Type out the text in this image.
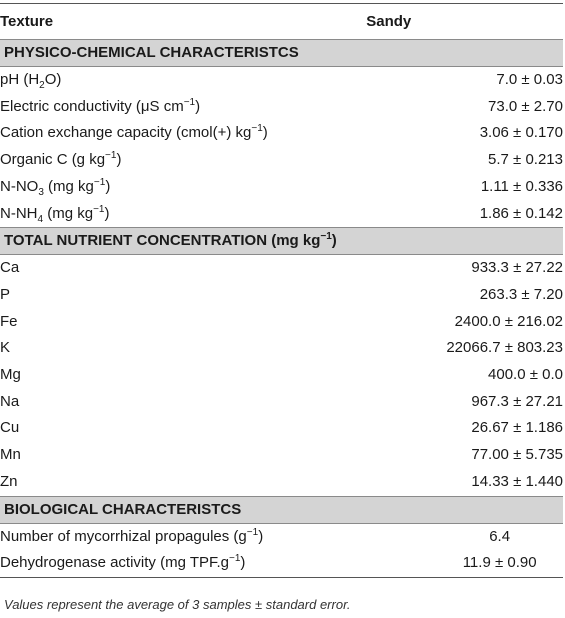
Texture	Sandy
PHYSICO-CHEMICAL CHARACTERISTCS	
pH $(H_2O)$	7.0 ± 0.03
Electric conductivity (μS $cm^{-1}$)	73.0 ± 2.70
Cation exchange capacity (cmol(+) $kg^{-1}$)	3.06 ± 0.170
Organic C (g $kg^{-1}$)	5.7 ± 0.213
$N-NO_3$ (mg $kg^{-1}$)	1.11 ± 0.336
$N-NH_4$ (mg $kg^{-1}$)	1.86 ± 0.142
TOTAL NUTRIENT CONCENTRATION (mg $kg^{-1}$)	
Ca	933.3 ± 27.22
P	263.3 ± 7.20
Fe	2400.0 ± 216.02
K	22066.7 ± 803.23
Mg	400.0 ± 0.0
Na	967.3 ± 27.21
Cu	26.67 ± 1.186
Mn	77.00 ± 5.735
Zn	14.33 ± 1.440
BIOLOGICAL CHARACTERISTCS	
Number of mycorrhizal propagules $(g^{-1})$	6.4
Dehydrogenase activity (mg $TPF.g^{-1}$)	11.9 ± 0.90
Values represent the average of 3 samples ± standard error.
